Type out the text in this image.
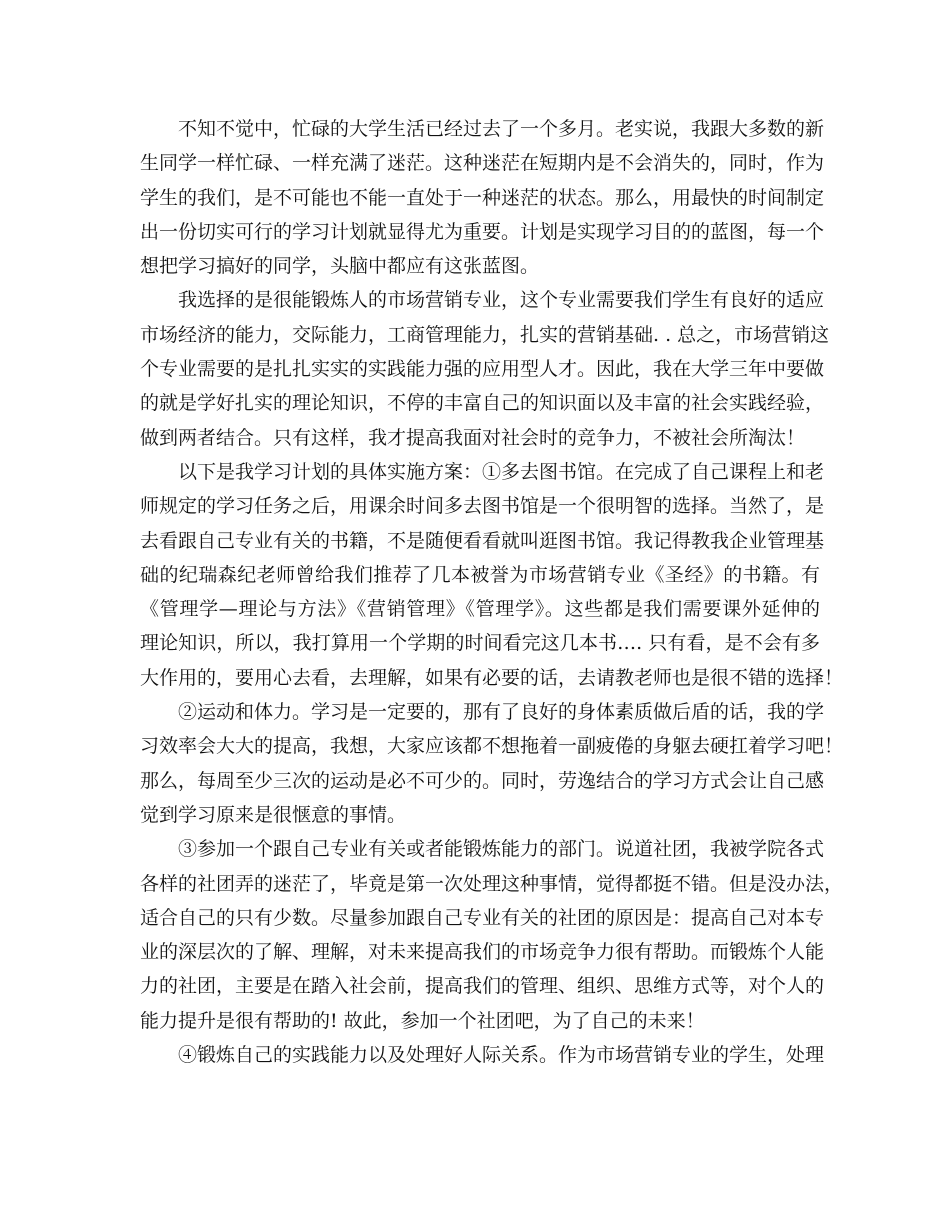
不知不觉中，忙碌的大学生活已经过去了一个多月。老实说，我跟大多数的新
生同学一样忙碌、一样充满了迷茫。这种迷茫在短期内是不会消失的，同时，作为
学生的我们，是不可能也不能一直处于一种迷茫的状态。那么，用最快的时间制定
出一份切实可行的学习计划就显得尤为重要。计划是实现学习目的的蓝图，每一个
想把学习搞好的同学，头脑中都应有这张蓝图。
我选择的是很能锻炼人的市场营销专业，这个专业需要我们学生有良好的适应
市场经济的能力，交际能力，工商管理能力，扎实的营销基础. . 总之，市场营销这
个专业需要的是扎扎实实的实践能力强的应用型人才。因此，我在大学三年中要做
的就是学好扎实的理论知识，不停的丰富自己的知识面以及丰富的社会实践经验，
做到两者结合。只有这样，我才提高我面对社会时的竞争力，不被社会所淘汰！
以下是我学习计划的具体实施方案：①多去图书馆。在完成了自己课程上和老
师规定的学习任务之后，用课余时间多去图书馆是一个很明智的选择。当然了，是
去看跟自己专业有关的书籍，不是随便看看就叫逛图书馆。我记得教我企业管理基
础的纪瑞森纪老师曾给我们推荐了几本被誉为市场营销专业《圣经》的书籍。有
《管理学—理论与方法》《营销管理》《管理学》。这些都是我们需要课外延伸的
理论知识，所以，我打算用一个学期的时间看完这几本书…. 只有看，是不会有多
大作用的，要用心去看，去理解，如果有必要的话，去请教老师也是很不错的选择！
②运动和体力。学习是一定要的，那有了良好的身体素质做后盾的话，我的学
习效率会大大的提高，我想，大家应该都不想拖着一副疲倦的身躯去硬扛着学习吧！
那么，每周至少三次的运动是必不可少的。同时，劳逸结合的学习方式会让自己感
觉到学习原来是很惬意的事情。
③参加一个跟自己专业有关或者能锻炼能力的部门。说道社团，我被学院各式
各样的社团弄的迷茫了，毕竟是第一次处理这种事情，觉得都挺不错。但是没办法，
适合自己的只有少数。尽量参加跟自己专业有关的社团的原因是：提高自己对本专
业的深层次的了解、理解，对未来提高我们的市场竞争力很有帮助。而锻炼个人能
力的社团，主要是在踏入社会前，提高我们的管理、组织、思维方式等，对个人的
能力提升是很有帮助的! 故此，参加一个社团吧，为了自己的未来！
④锻炼自己的实践能力以及处理好人际关系。作为市场营销专业的学生，处理
